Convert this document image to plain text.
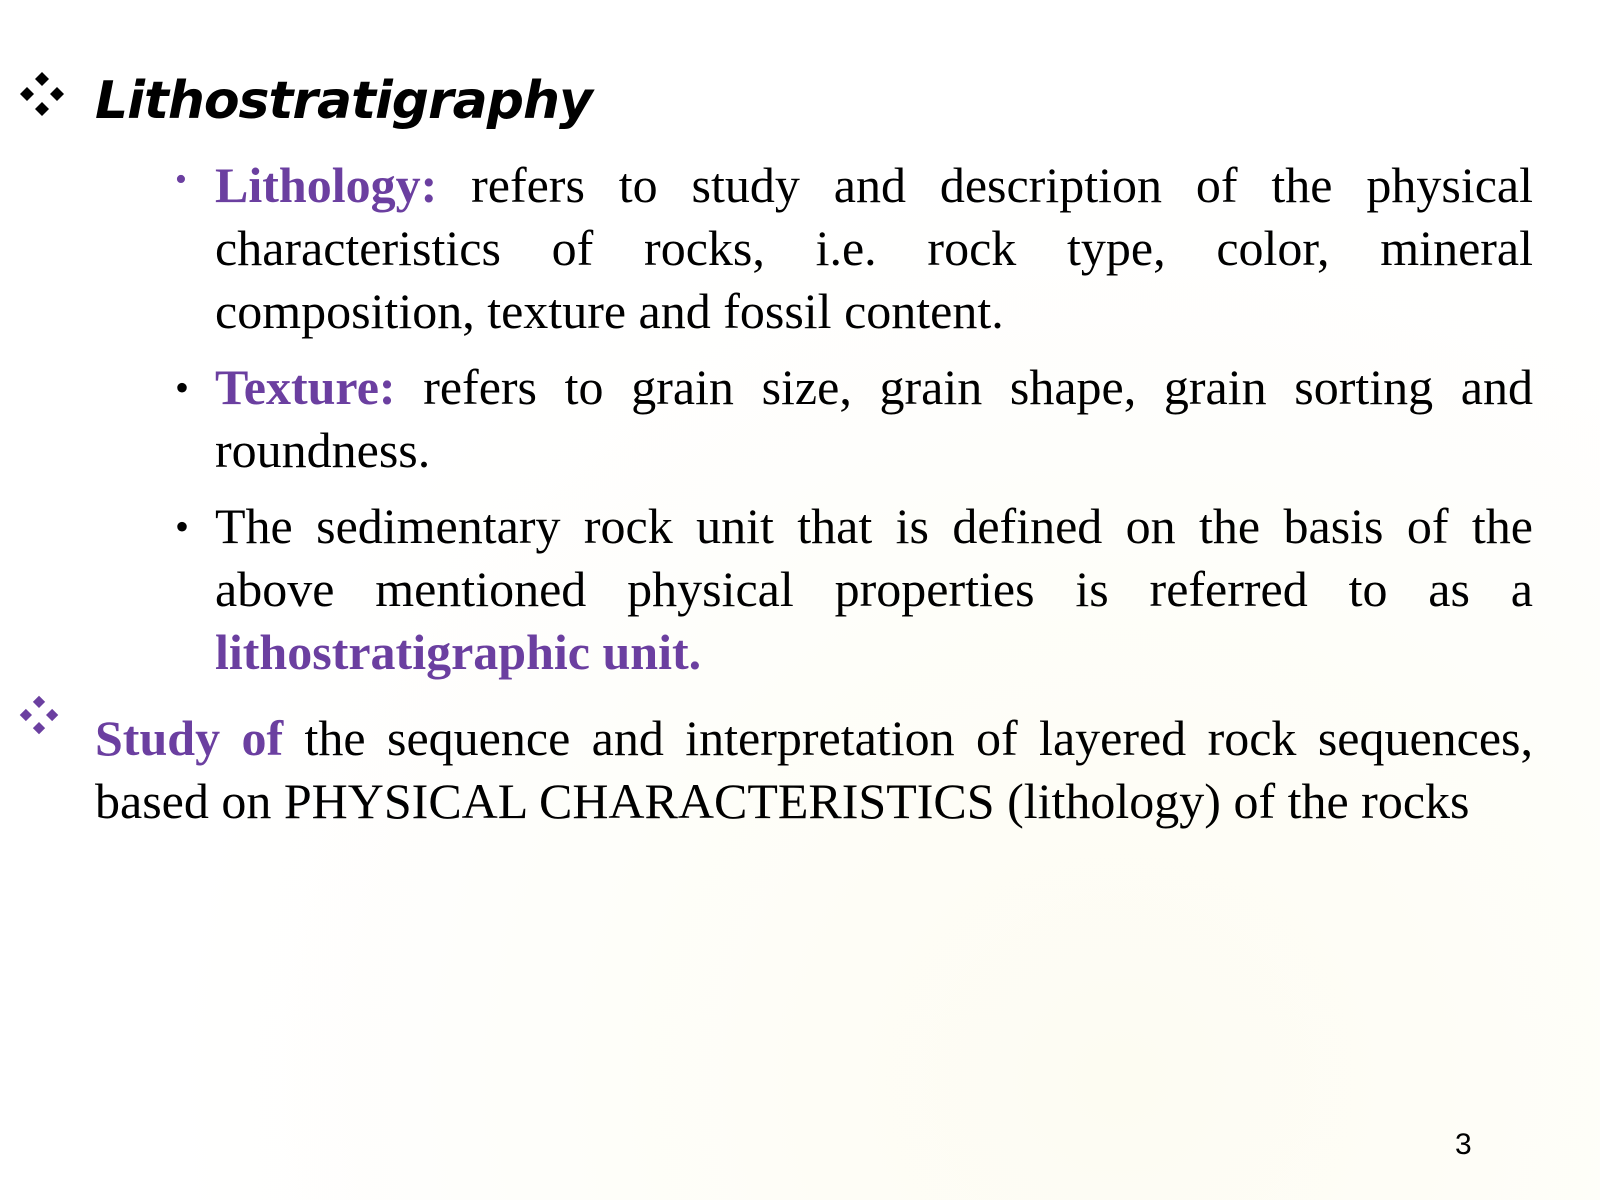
Lithostratigraphy
• Lithology: refers to study and description of the physical characteristics of rocks, i.e. rock type, color, mineral composition, texture and fossil content.
• Texture: refers to grain size, grain shape, grain sorting and roundness.
• The sedimentary rock unit that is defined on the basis of the above mentioned physical properties is referred to as a lithostratigraphic unit.

Study of the sequence and interpretation of layered rock sequences, based on PHYSICAL CHARACTERISTICS (lithology) of the rocks

3
